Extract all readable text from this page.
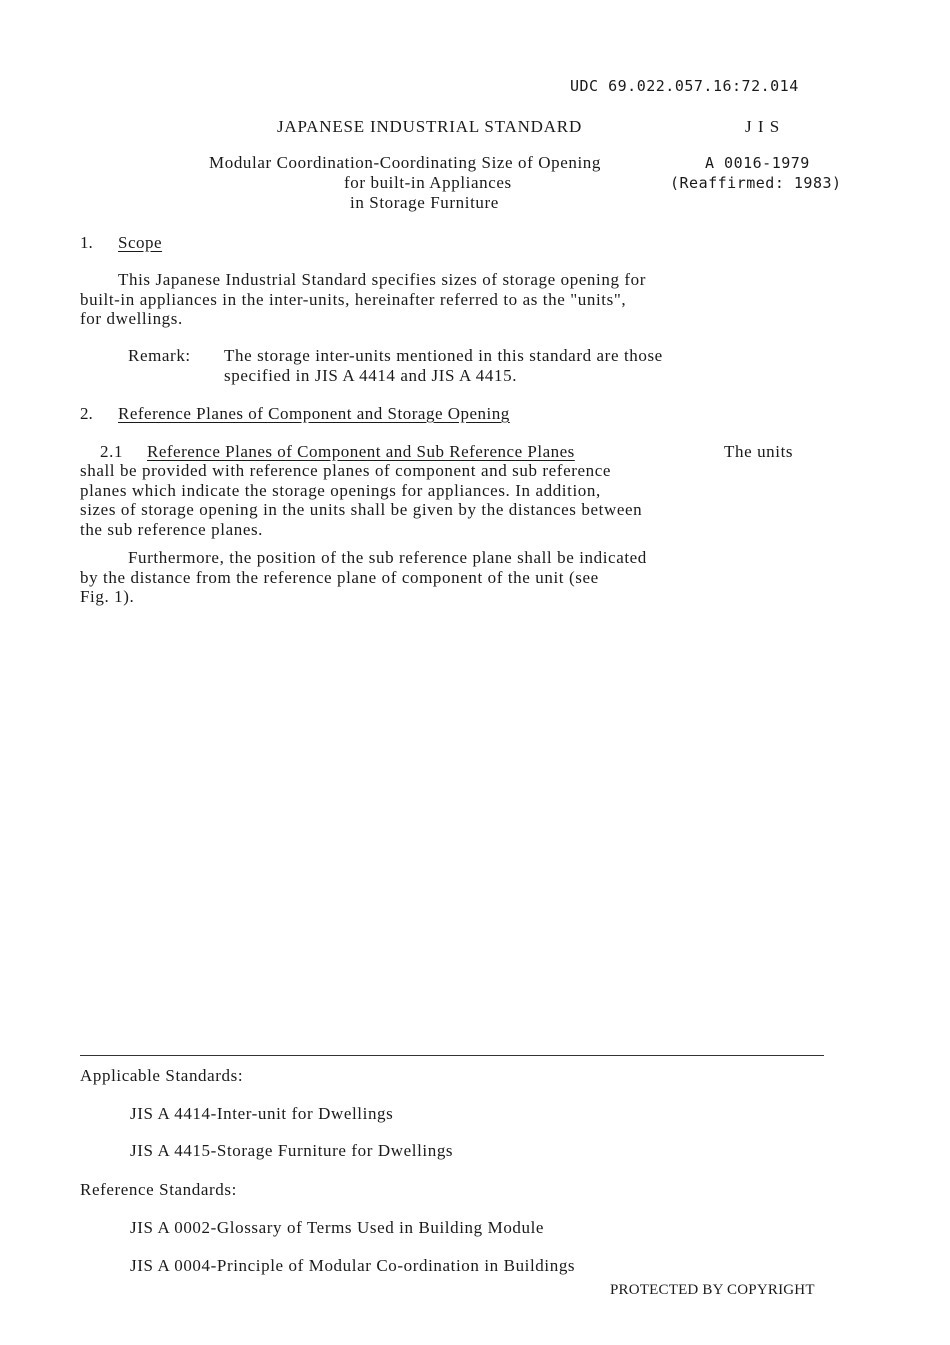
UDC 69.022.057.16:72.014
JAPANESE INDUSTRIAL STANDARD	J I S
Modular Coordination-Coordinating Size of Opening	A 0016-1979
for built-in Appliances	(Reaffirmed: 1983)
in Storage Furniture
1. Scope

This Japanese Industrial Standard specifies sizes of storage opening for

built-in appliances in the inter-units, hereinafter referred to as the "units",

for dwellings.

Remark: The storage inter-units mentioned in this standard are those

specified in JIS A 4414 and JIS A 4415.

2. Reference Planes of Component and Storage Opening
2.1 Reference Planes of Component and Sub Reference Planes	The units

shall be provided with reference planes of component and sub reference

planes which indicate the storage openings for appliances. In addition,

sizes of storage opening in the units shall be given by the distances between

the sub reference planes.

Furthermore, the position of the sub reference plane shall be indicated

by the distance from the reference plane of component of the unit (see

Fig. 1).

Applicable Standards:
JIS A 4414-Inter-unit for Dwellings
JIS A 4415-Storage Furniture for Dwellings
Reference Standards:
JIS A 0002-Glossary of Terms Used in Building Module
JIS A 0004-Principle of Modular Co-ordination in Buildings
PROTECTED BY COPYRIGHT
